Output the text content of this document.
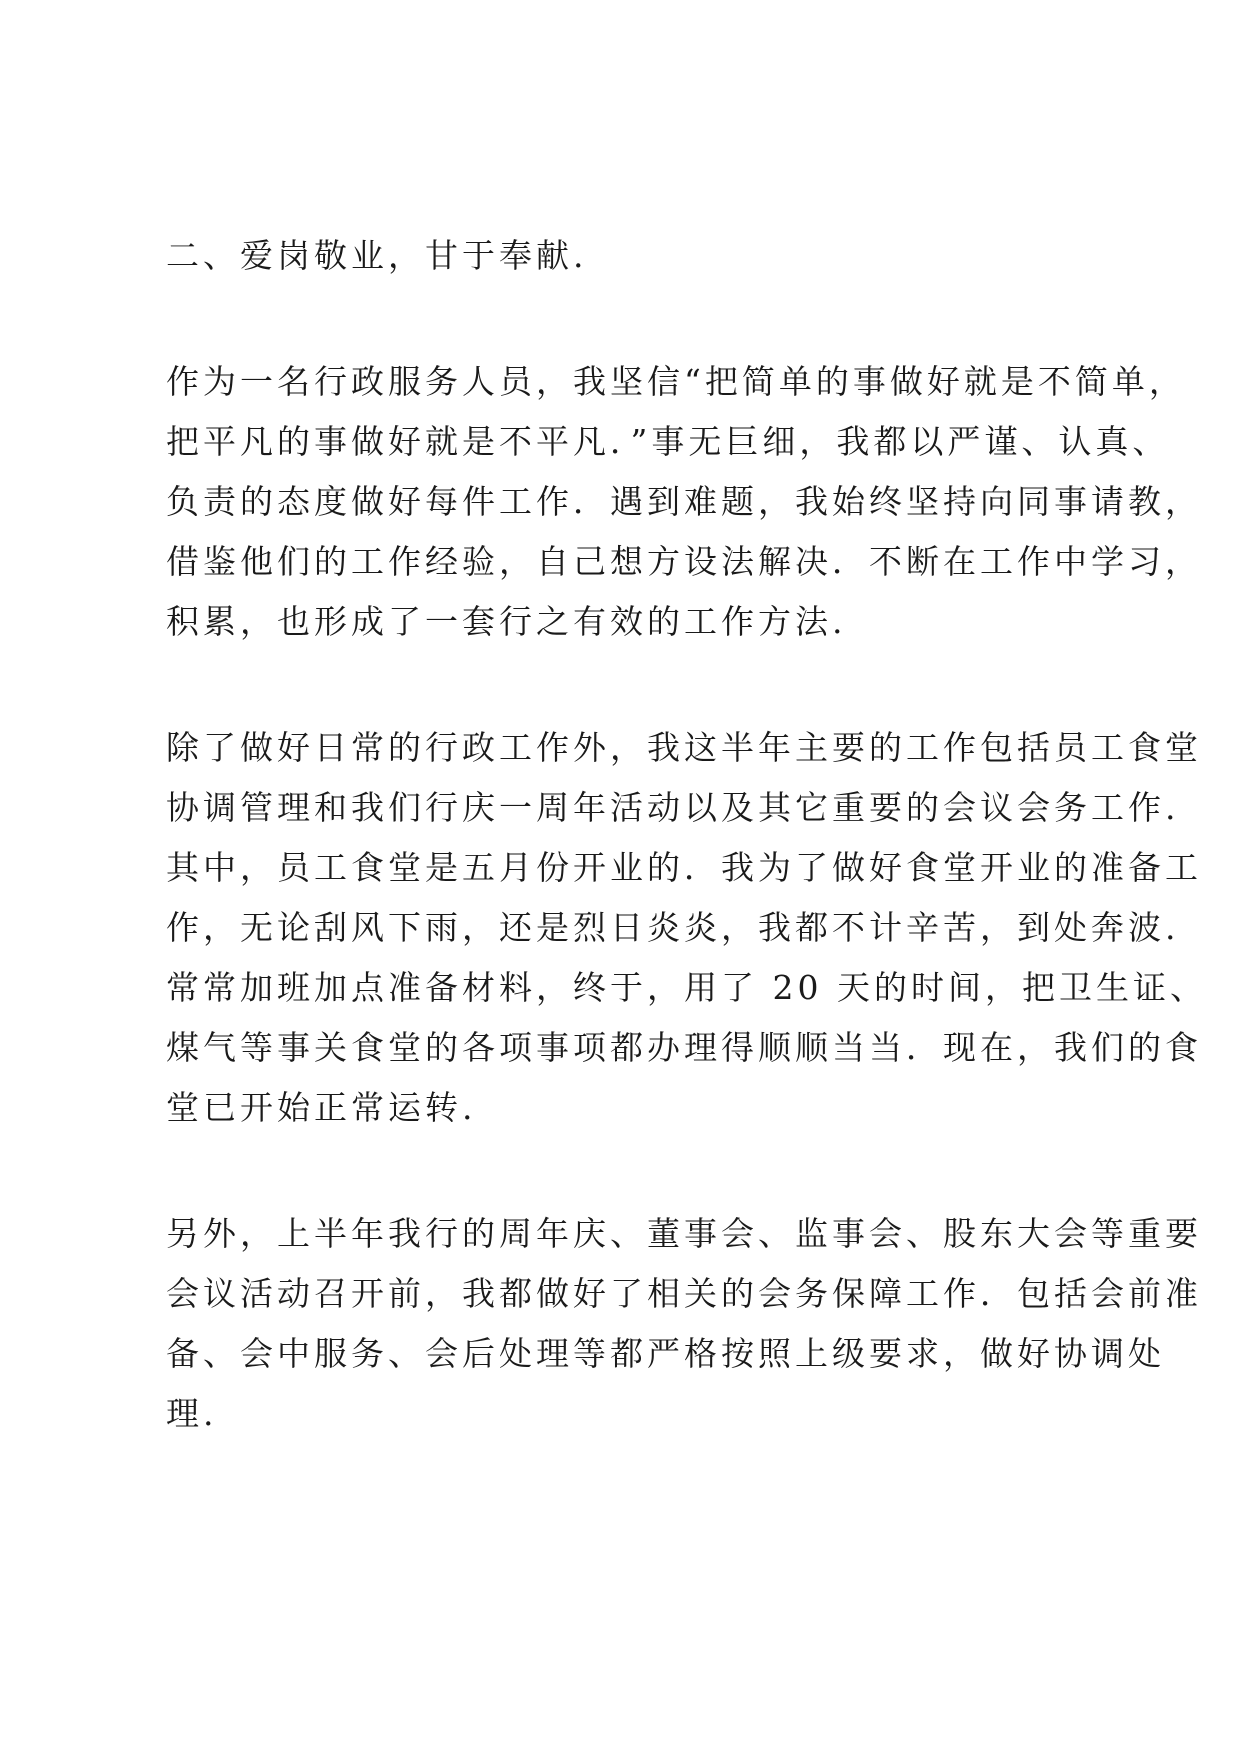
二、爱岗敬业，甘于奉献.
作为一名行政服务人员，我坚信“把简单的事做好就是不简单，
把平凡的事做好就是不平凡．”事无巨细，我都以严谨、认真、
负责的态度做好每件工作．遇到难题，我始终坚持向同事请教，
借鉴他们的工作经验，自己想方设法解决．不断在工作中学习，
积累，也形成了一套行之有效的工作方法.
除了做好日常的行政工作外，我这半年主要的工作包括员工食堂
协调管理和我们行庆一周年活动以及其它重要的会议会务工作.
其中，员工食堂是五月份开业的．我为了做好食堂开业的准备工
作，无论刮风下雨，还是烈日炎炎，我都不计辛苦，到处奔波.
常常加班加点准备材料，终于，用了 20 天的时间，把卫生证、
煤气等事关食堂的各项事项都办理得顺顺当当．现在，我们的食
堂已开始正常运转.
另外，上半年我行的周年庆、董事会、监事会、股东大会等重要
会议活动召开前，我都做好了相关的会务保障工作．包括会前准
备、会中服务、会后处理等都严格按照上级要求，做好协调处
理.
